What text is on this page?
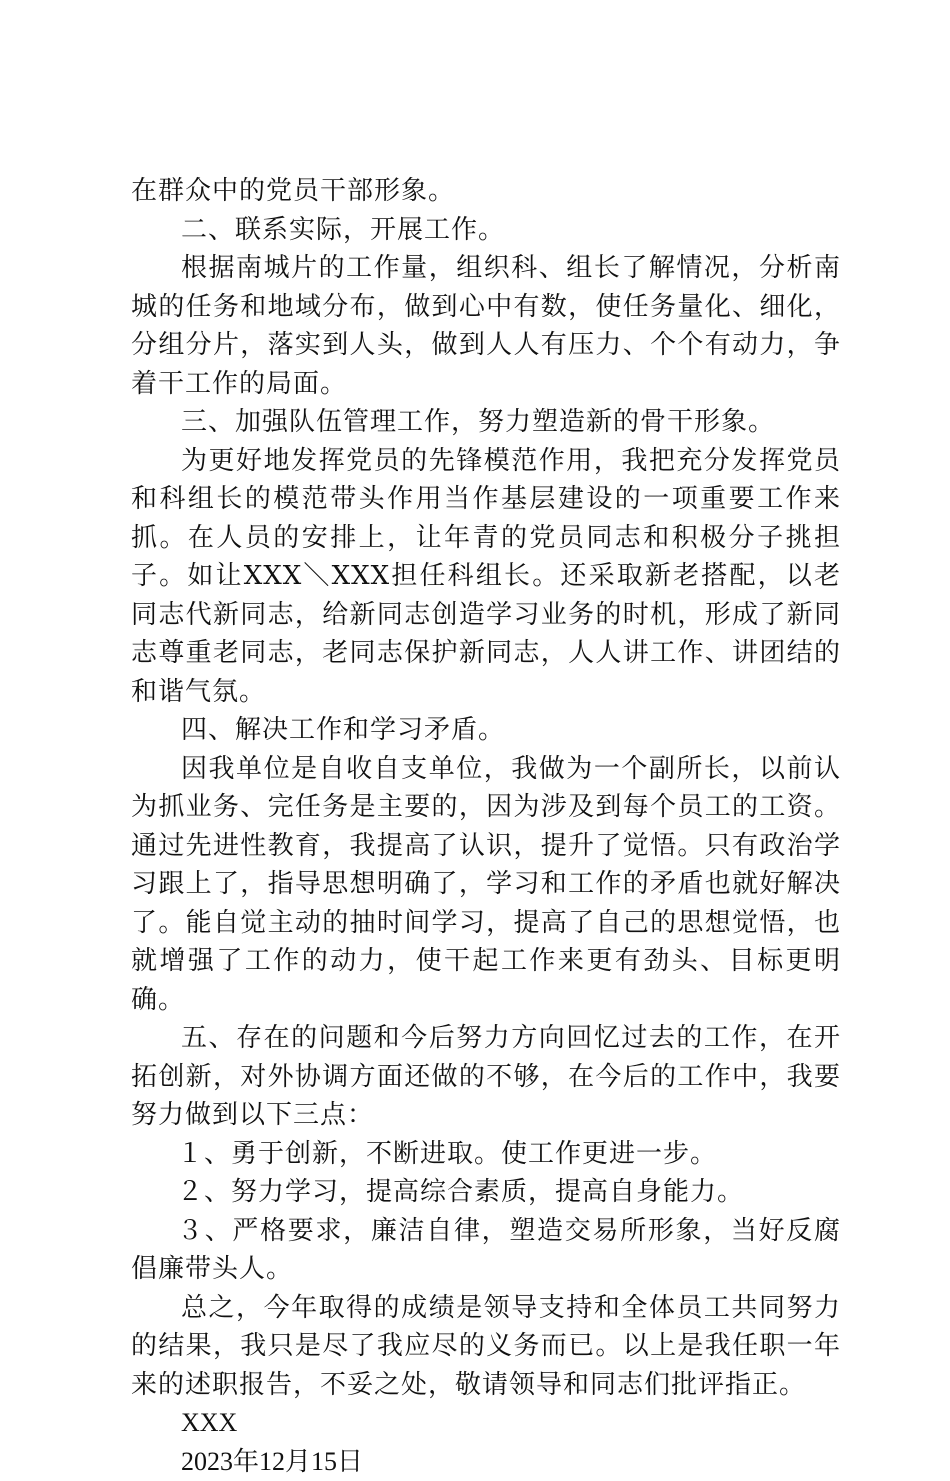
在群众中的党员干部形象。

二、联系实际，开展工作。

根据南城片的工作量，组织科、组长了解情况，分析南城的任务和地域分布，做到心中有数，使任务量化、细化，分组分片，落实到人头，做到人人有压力、个个有动力，争着干工作的局面。

三、加强队伍管理工作，努力塑造新的骨干形象。

为更好地发挥党员的先锋模范作用，我把充分发挥党员和科组长的模范带头作用当作基层建设的一项重要工作来抓。在人员的安排上，让年青的党员同志和积极分子挑担子。如让XXX＼XXX担任科组长。还采取新老搭配，以老同志代新同志，给新同志创造学习业务的时机，形成了新同志尊重老同志，老同志保护新同志，人人讲工作、讲团结的和谐气氛。

四、解决工作和学习矛盾。

因我单位是自收自支单位，我做为一个副所长，以前认为抓业务、完任务是主要的，因为涉及到每个员工的工资。通过先进性教育，我提高了认识，提升了觉悟。只有政治学习跟上了，指导思想明确了，学习和工作的矛盾也就好解决了。能自觉主动的抽时间学习，提高了自己的思想觉悟，也就增强了工作的动力，使干起工作来更有劲头、目标更明确。

五、存在的问题和今后努力方向回忆过去的工作，在开拓创新，对外协调方面还做的不够，在今后的工作中，我要努力做到以下三点：

１、勇于创新，不断进取。使工作更进一步。

２、努力学习，提高综合素质，提高自身能力。

３、严格要求，廉洁自律，塑造交易所形象，当好反腐倡廉带头人。

总之，今年取得的成绩是领导支持和全体员工共同努力的结果，我只是尽了我应尽的义务而已。以上是我任职一年来的述职报告，不妥之处，敬请领导和同志们批评指正。

XXX

2023年12月15日
